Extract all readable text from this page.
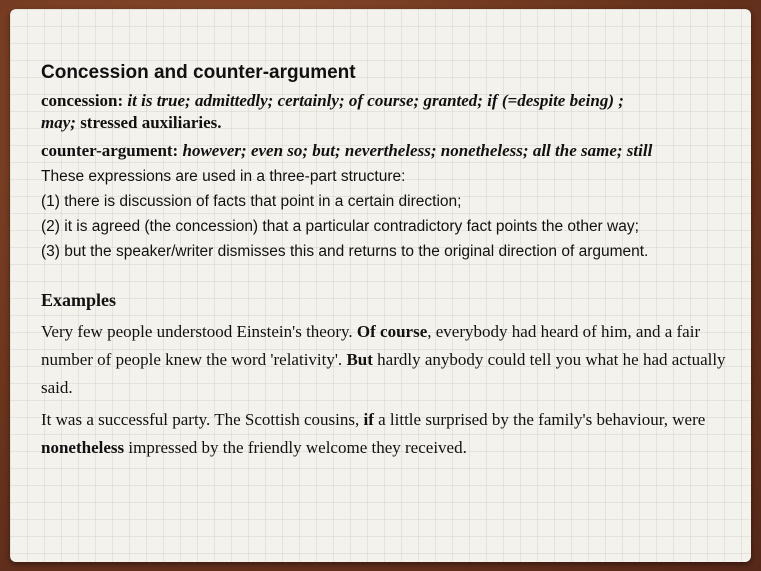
Concession and counter-argument

concession: it is true; admittedly; certainly; of course; granted; if (=despite being) ;
may; stressed auxiliaries.

counter-argument: however; even so; but; nevertheless; nonetheless; all the same; still

These expressions are used in a three-part structure:

(1) there is discussion of facts that point in a certain direction;

(2) it is agreed (the concession) that a particular contradictory fact points the other way;

(3) but the speaker/writer dismisses this and returns to the original direction of argument.

Examples

Very few people understood Einstein's theory. Of course, everybody had heard of him, and a fair number of people knew the word 'relativity'. But hardly anybody could tell you what he had actually said.

It was a successful party. The Scottish cousins, if a little surprised by the family's behaviour, were nonetheless impressed by the friendly welcome they received.
